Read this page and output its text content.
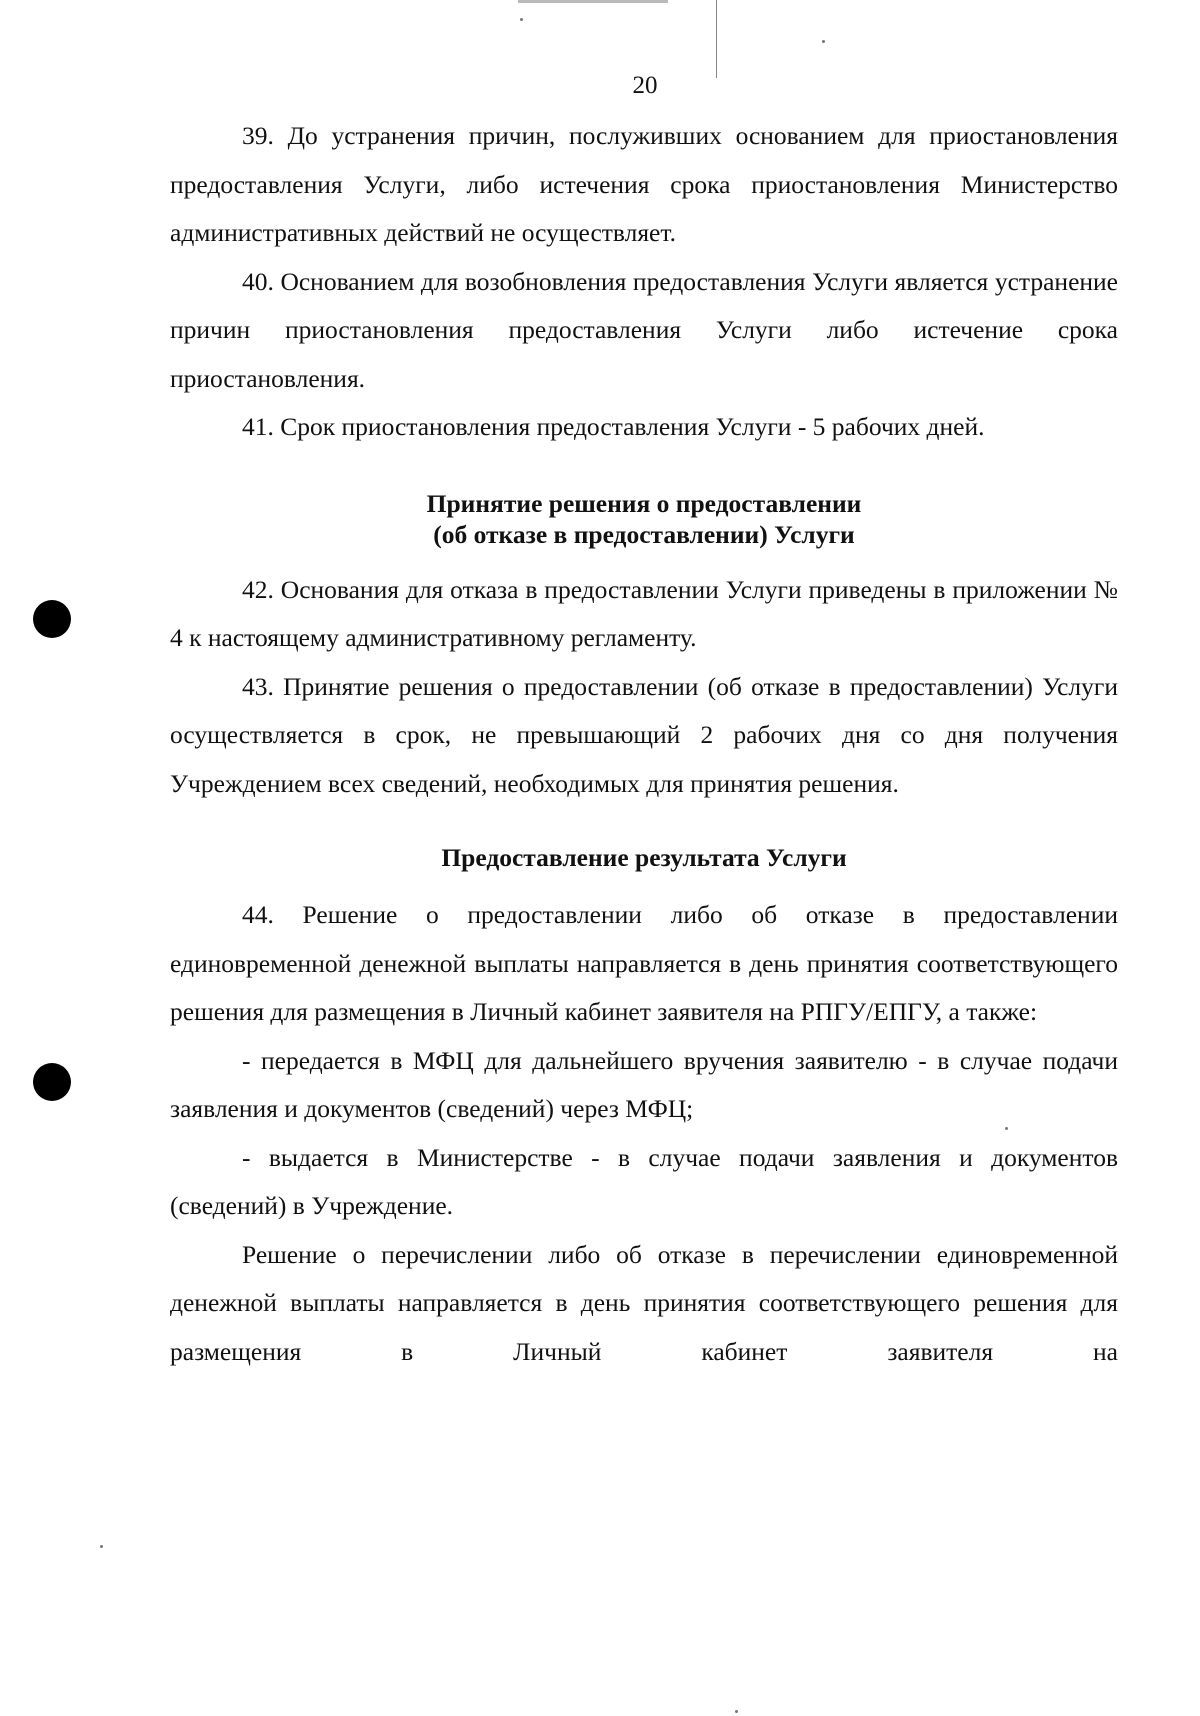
20

39. До устранения причин, послуживших основанием для приостановления предоставления Услуги, либо истечения срока приостановления Министерство административных действий не осуществляет.

40. Основанием для возобновления предоставления Услуги является устранение причин приостановления предоставления Услуги либо истечение срока приостановления.

41. Срок приостановления предоставления Услуги - 5 рабочих дней.

Принятие решения о предоставлении
(об отказе в предоставлении) Услуги

42. Основания для отказа в предоставлении Услуги приведены в приложении № 4 к настоящему административному регламенту.

43. Принятие решения о предоставлении (об отказе в предоставлении) Услуги осуществляется в срок, не превышающий 2 рабочих дня со дня получения Учреждением всех сведений, необходимых для принятия решения.

Предоставление результата Услуги

44. Решение о предоставлении либо об отказе в предоставлении единовременной денежной выплаты направляется в день принятия соответствующего решения для размещения в Личный кабинет заявителя на РПГУ/ЕПГУ, а также:

- передается в МФЦ для дальнейшего вручения заявителю - в случае подачи заявления и документов (сведений) через МФЦ;

- выдается в Министерстве - в случае подачи заявления и документов (сведений) в Учреждение.

Решение о перечислении либо об отказе в перечислении единовременной денежной выплаты направляется в день принятия соответствующего решения для размещения в Личный кабинет заявителя на
